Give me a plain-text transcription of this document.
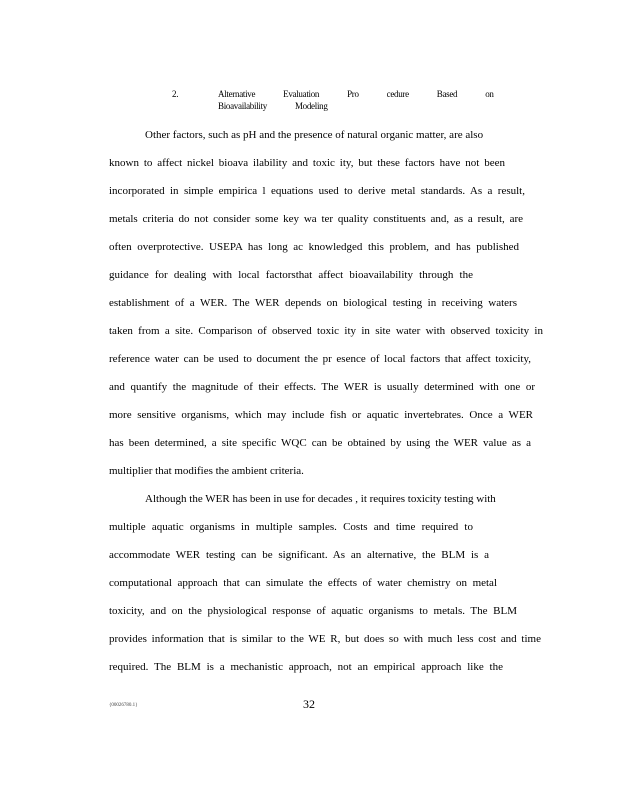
2.	Alternative Evaluation Pro cedure Based on Bioavailability Modeling
Other factors, such as pH and the presence of natural organic matter, are also
known to affect nickel bioava ilability and toxic ity, but these factors have not been
incorporated in simple empirica l equations used to derive metal standards. As a result,
metals criteria do not consider some key wa ter quality constituents and, as a result, are
often overprotective. USEPA has long ac knowledged this problem, and has published
guidance for dealing with local factorsthat affect bioavailability through the
establishment of a WER. The WER depends on biological testing in receiving waters
taken from a site. Comparison of observed toxic ity in site water with observed toxicity in
reference water can be used to document the pr esence of local factors that affect toxicity,
and quantify the magnitude of their effects. The WER is usually determined with one or
more sensitive organisms, which may include fish or aquatic invertebrates. Once a WER
has been determined, a site specific WQC can be obtained by using the WER value as a
multiplier that modifies the ambient criteria.
Although the WER has been in use for decades , it requires toxicity testing with
multiple aquatic organisms in multiple samples. Costs and time required to
accommodate WER testing can be significant. As an alternative, the BLM is a
computational approach that can simulate the effects of water chemistry on metal
toxicity, and on the physiological response of aquatic organisms to metals. The BLM
provides information that is similar to the WE R, but does so with much less cost and time
required. The BLM is a mechanistic approach, not an empirical approach like the
{00026780.1}	32
